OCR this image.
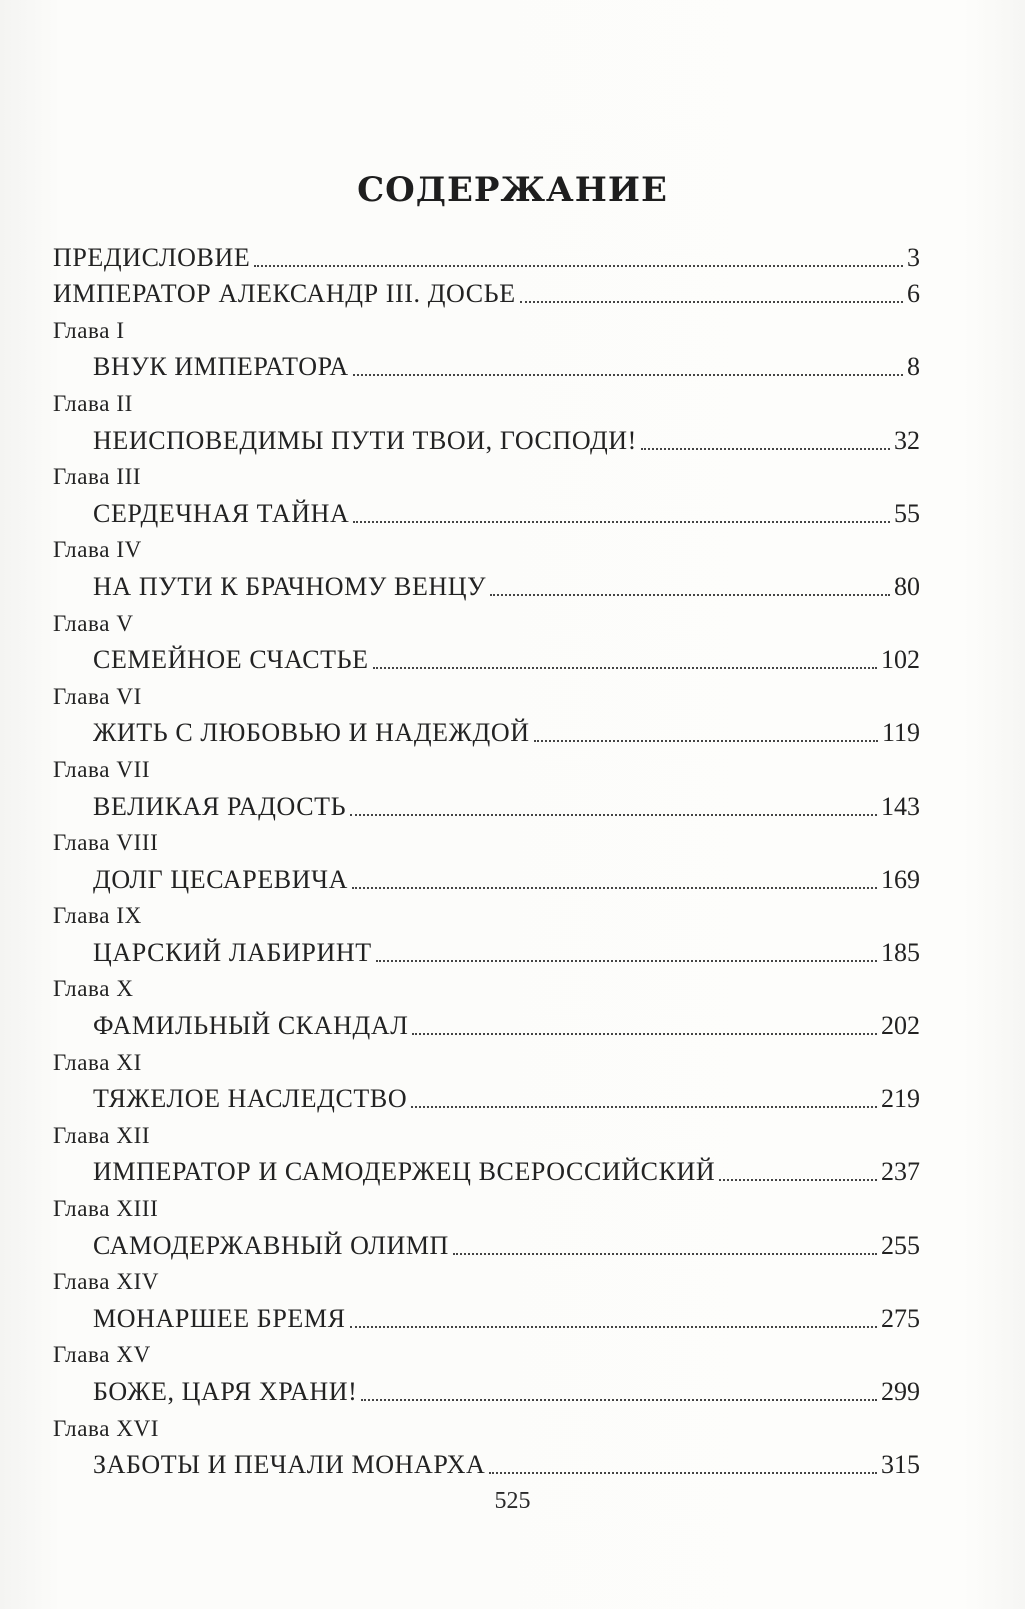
СОДЕРЖАНИЕ
ПРЕДИСЛОВИЕ	3
ИМПЕРАТОР АЛЕКСАНДР III. ДОСЬЕ	6
Глава I
ВНУК ИМПЕРАТОРА	8
Глава II
НЕИСПОВЕДИМЫ ПУТИ ТВОИ, ГОСПОДИ!	32
Глава III
СЕРДЕЧНАЯ ТАЙНА	55
Глава IV
НА ПУТИ К БРАЧНОМУ ВЕНЦУ	80
Глава V
СЕМЕЙНОЕ СЧАСТЬЕ	102
Глава VI
ЖИТЬ С ЛЮБОВЬЮ И НАДЕЖДОЙ	119
Глава VII
ВЕЛИКАЯ РАДОСТЬ	143
Глава VIII
ДОЛГ ЦЕСАРЕВИЧА	169
Глава IX
ЦАРСКИЙ ЛАБИРИНТ	185
Глава X
ФАМИЛЬНЫЙ СКАНДАЛ	202
Глава XI
ТЯЖЕЛОЕ НАСЛЕДСТВО	219
Глава XII
ИМПЕРАТОР И САМОДЕРЖЕЦ ВСЕРОССИЙСКИЙ	237
Глава XIII
САМОДЕРЖАВНЫЙ ОЛИМП	255
Глава XIV
МОНАРШЕЕ БРЕМЯ	275
Глава XV
БОЖЕ, ЦАРЯ ХРАНИ!	299
Глава XVI
ЗАБОТЫ И ПЕЧАЛИ МОНАРХА	315
525
